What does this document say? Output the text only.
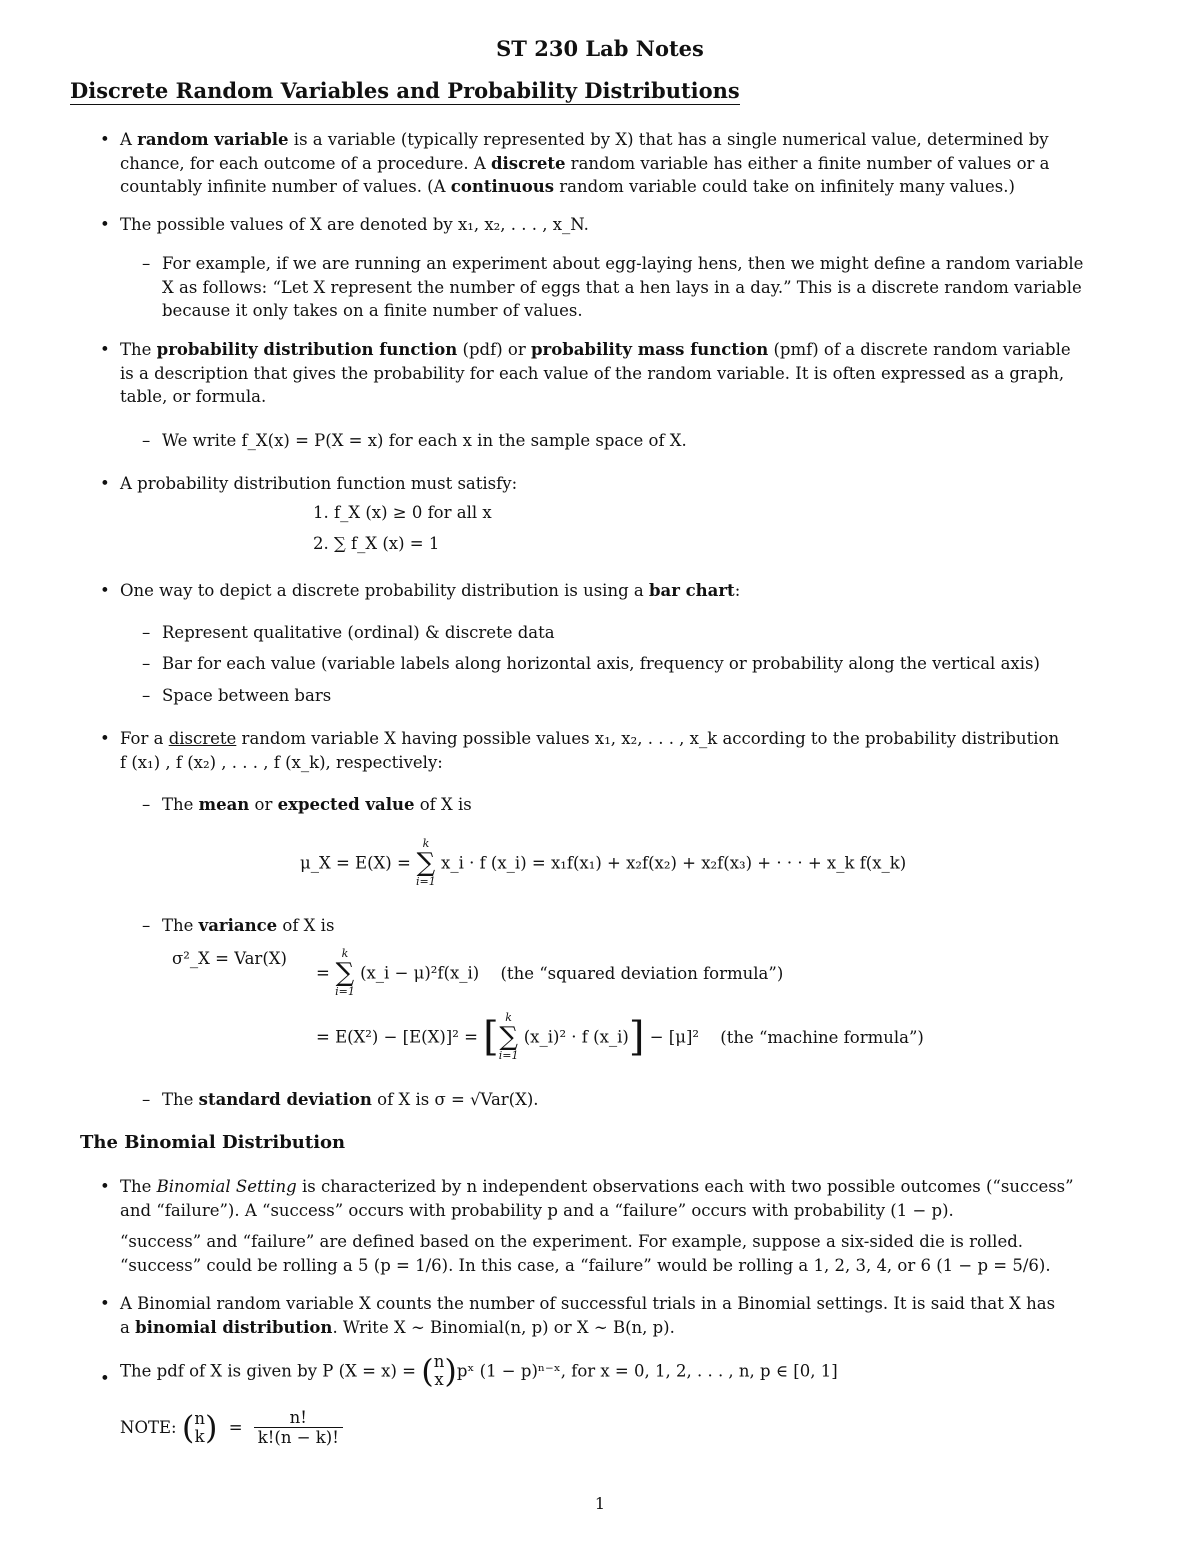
ST 230 Lab Notes
Discrete Random Variables and Probability Distributions
• A random variable is a variable (typically represented by X) that has a single numerical value, determined by
chance, for each outcome of a procedure. A discrete random variable has either a finite number of values or a
countably infinite number of values. (A continuous random variable could take on infinitely many values.)
• The possible values of X are denoted by x₁, x₂, . . . , x_N.
– For example, if we are running an experiment about egg-laying hens, then we might define a random variable
X as follows: “Let X represent the number of eggs that a hen lays in a day.” This is a discrete random variable
because it only takes on a finite number of values.
• The probability distribution function (pdf) or probability mass function (pmf) of a discrete random variable
is a description that gives the probability for each value of the random variable. It is often expressed as a graph,
table, or formula.
– We write f_X(x) = P(X = x) for each x in the sample space of X.
• A probability distribution function must satisfy:
1. f_X (x) ≥ 0 for all x
2. ∑ f_X (x) = 1
• One way to depict a discrete probability distribution is using a bar chart:
– Represent qualitative (ordinal) & discrete data
– Bar for each value (variable labels along horizontal axis, frequency or probability along the vertical axis)
– Space between bars
• For a discrete random variable X having possible values x₁, x₂, . . . , x_k according to the probability distribution
f (x₁) , f (x₂) , . . . , f (x_k), respectively:
– The mean or expected value of X is
μ_X = E(X) =
k
∑
i=1
x_i · f (x_i) = x₁f(x₁) + x₂f(x₂) + x₂f(x₃) + · · · + x_k f(x_k)
– The variance of X is
σ²_X = Var(X)
=
k
∑
i=1
(x_i − μ)²f(x_i) (the “squared deviation formula”)
= E(X²) − [E(X)]² = [ k
∑
i=1
(x_i)² · f (x_i)] − [μ]² (the “machine formula”)
– The standard deviation of X is σ = √Var(X).
The Binomial Distribution
• The Binomial Setting is characterized by n independent observations each with two possible outcomes (“success”
and “failure”). A “success” occurs with probability p and a “failure” occurs with probability (1 − p).
“success” and “failure” are defined based on the experiment. For example, suppose a six-sided die is rolled.
“success” could be rolling a 5 (p = 1/6). In this case, a “failure” would be rolling a 1, 2, 3, 4, or 6 (1 − p = 5/6).
• A Binomial random variable X counts the number of successful trials in a Binomial settings. It is said that X has
a binomial distribution. Write X ∼ Binomial(n, p) or X ∼ B(n, p).
• The pdf of X is given by P (X = x) = ( n
x )pˣ (1 − p)ⁿ⁻ˣ, for x = 0, 1, 2, . . . , n, p ∈ [0, 1]
NOTE: ( n
k ) = $\frac{n!}{k!(n - k)!}$
1
